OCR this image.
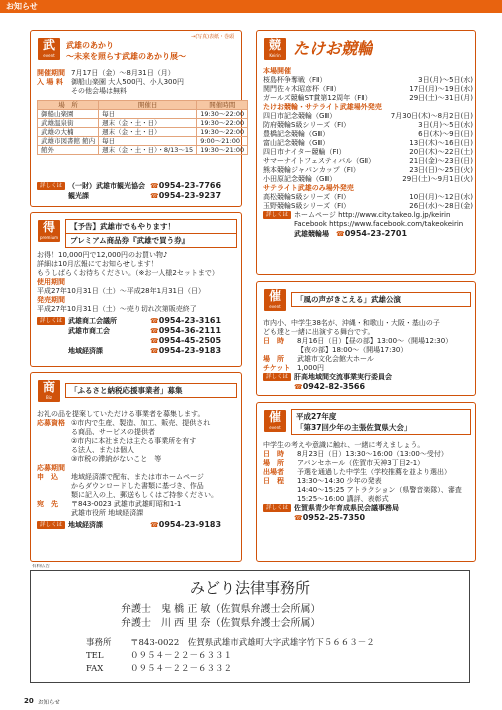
お知らせ
武
event
→(写真)表紙・巻頭
武雄のあかり
～未来を照らす武雄のあかり展～
開催期間 7月17日（金）～8月31日（月）
入 場 料 御船山楽園 大人500円、小人300円
その他会場は無料
場　所	開催日	開催時間
御船山楽園	毎日	19:30～22:00
武雄温泉街	週末（金・土・日）	19:30～22:00
武雄の大楠	週末（金・土・日）	19:30～22:00
武雄市図書館 館内	毎日	9:00～21:00
館外	週末（金・土・日）・8/13～15	19:30～21:00
詳しくは （一財）武雄市観光協会 ☎0954-23-7766
観光課	☎0954-23-9237
得
premium
【予告】武雄市でもやります！
プレミアム商品券『武雄で買う券』
お得！10,000円で12,000円のお買い物♪
詳細は10月広報にてお知らせします！
もうしばらくお待ちください。（※お一人様2セットまで）
使用期間
平成27年10月31日（土）～平成28年1月31日（日）
発売期間
平成27年10月31日（土）～売り切れ次第販売終了
詳しくは 武雄商工会議所	☎0954-23-3161
武雄市商工会	☎0954-36-2111
☎0954-45-2505
地域経済課	☎0954-23-9183
商
Biz
「ふるさと納税応援事業者」募集
お礼の品を提案していただける事業者を募集します。
応募資格 ①市内で生産、製造、加工、販売、提供され
る商品、サービスの提供者
②市内に本社または主たる事業所を有す
る法人、または個人
③市税の滞納がないこと　等
応募期間
申　込 地域経済課で配布、または市ホームページ
からダウンロードした書類に基づき、作品
類に記入の上、郵送もしくはご持参ください。
宛　先 〒843-0023 武雄市武雄町昭和1-1
武雄市役所 地域経済課
詳しくは 地域経済課	☎0954-23-9183
競
Keirin たけお競輪
本場開催
桜島杯争奪戦（FⅡ）	3日(月)～5日(水)
関門佐々木昭彦杯（FⅡ）	17日(月)～19日(水)
ガールズ競輪ST賞第12周年（FⅡ）	29日(土)～31日(月)
たけお競輪・サテライト武雄場外発売
四日市記念競輪（GⅢ）	7月30日(木)～8月2日(日)
防府競輪S級シリーズ（FⅠ）	3日(月)～5日(水)
豊橋記念競輪（GⅢ）	6日(木)～9日(日)
富山記念競輪（GⅢ）	13日(木)～16日(日)
四日市ナイター競輪（FⅠ）	20日(木)～22日(土)
サマーナイトフェスティバル（GⅡ）	21日(金)～23日(日)
熊本競輪ジャパンカップ（FⅠ）	23日(日)～25日(火)
小田原記念競輪（GⅢ）	29日(土)～9月1日(火)
サテライト武雄のみ場外発売
高松競輪S級シリーズ（FⅠ）	10日(月)～12日(水)
玉野競輪S級シリーズ（FⅠ）	26日(水)～28日(金)
詳しくは ホームページ http://www.city.takeo.lg.jp/keirin
Facebook https://www.facebook.com/takeokeirin
武雄競輪場　☎0954-23-2701
催
event
「風の声がきこえる」武雄公演
市内小、中学生38名が、沖縄・和歌山・大阪・基山の子
ども達と一緒に出演する舞台です。
日　時 8月16日（日）【昼の部】13:00～（開場12:30）
【夜の部】18:00～（開場17:30）
場　所 武雄市文化会館大ホール
チケット 1,000円
詳しくは 肝高地域間交流事業実行委員会
☎0942-82-3566
催
event
平成27年度
「第37回少年の主張佐賀県大会」
中学生の考えや意識に触れ、一緒に考えましょう。
日　時 8月23日（日）13:30～16:00（13:00～受付）
場　所 アバンセホール（佐賀市天神3丁目2-1）
出場者 予選を通過した中学生（学校推薦を並より選出）
日　程 13:30～14:30 少年の発表
14:40～15:25 アトラクション（県警音楽隊）、審査
15:25～16:00 講評、表彰式
詳しくは 佐賀県青少年育成県民会議事務局
☎0952-25-7350
有料広告
みどり法律事務所
弁護士　鬼 橋 正 敏（佐賀県弁護士会所属）
弁護士　川 西 里 奈（佐賀県弁護士会所属）
事務所 〒843-0022　佐賀県武雄市武雄町大字武雄字竹下５６６３－２
TEL	０９５４－２２－６３３１
FAX	０９５４－２２－６３３２
20 お知らせ
